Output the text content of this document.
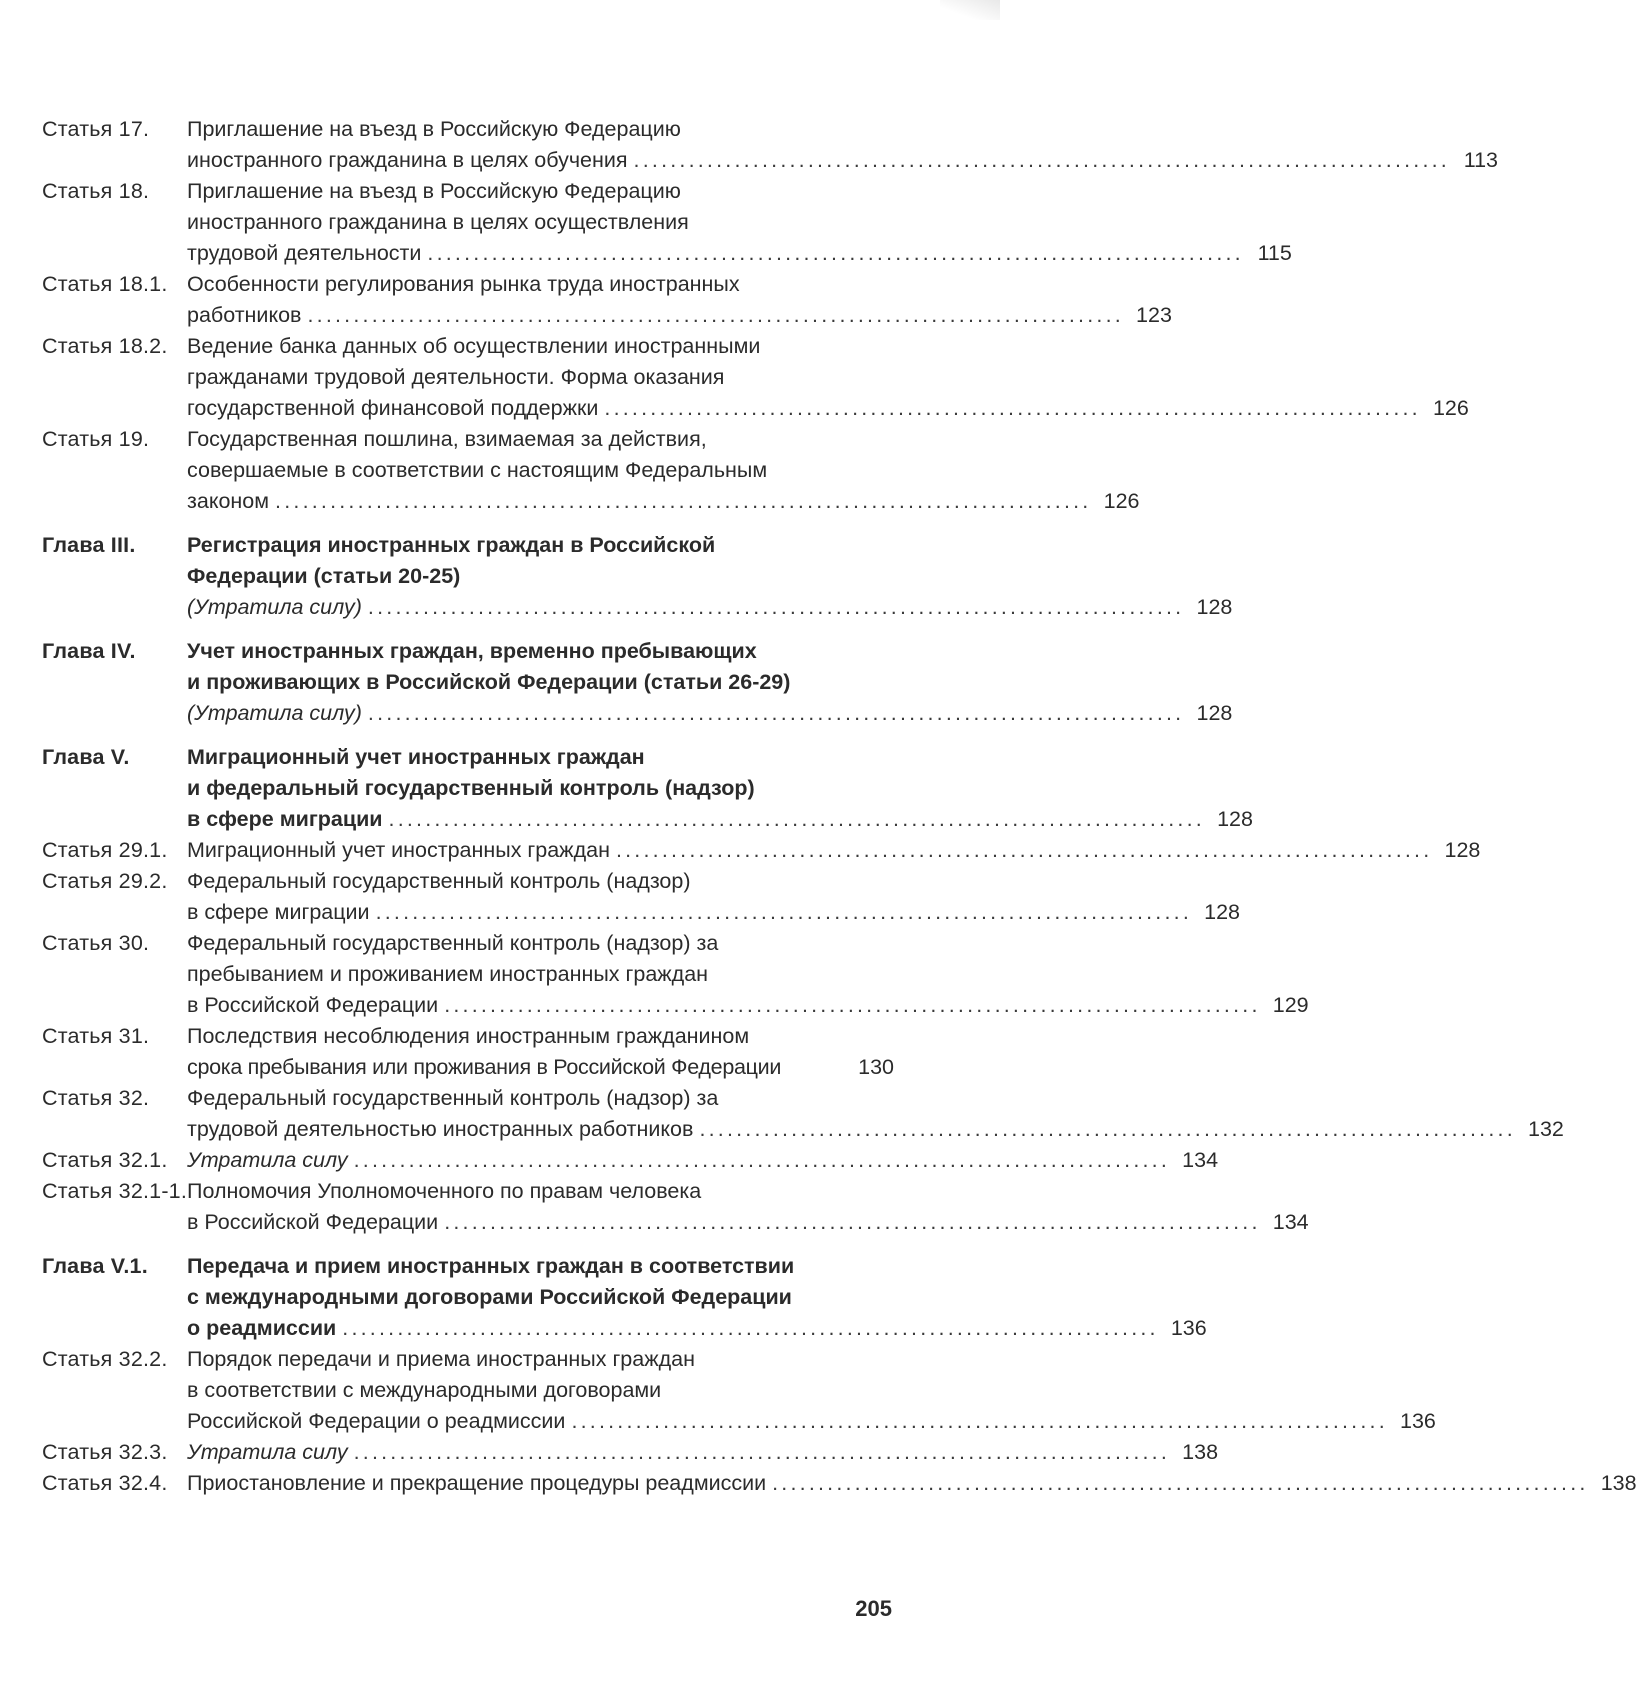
Статья 17.	Приглашение на въезд в Российскую Федерацию
иностранного гражданина в целях обучения ......................................................................................... 113
Статья 18.	Приглашение на въезд в Российскую Федерацию
иностранного гражданина в целях осуществления
трудовой деятельности ......................................................................................... 115
Статья 18.1. Особенности регулирования рынка труда иностранных
работников ......................................................................................... 123
Статья 18.2. Ведение банка данных об осуществлении иностранными
гражданами трудовой деятельности. Форма оказания
государственной финансовой поддержки ......................................................................................... 126
Статья 19.	Государственная пошлина, взимаемая за действия,
совершаемые в соответствии с настоящим Федеральным
законом ......................................................................................... 126
Глава III.	Регистрация иностранных граждан в Российской
Федерации (статьи 20-25)
(Утратила силу) ......................................................................................... 128
Глава IV.	Учет иностранных граждан, временно пребывающих
и проживающих в Российской Федерации (статьи 26-29)
(Утратила силу) ......................................................................................... 128
Глава V.	Миграционный учет иностранных граждан
и федеральный государственный контроль (надзор)
в сфере миграции ......................................................................................... 128
Статья 29.1. Миграционный учет иностранных граждан ......................................................................................... 128
Статья 29.2. Федеральный государственный контроль (надзор)
в сфере миграции ......................................................................................... 128
Статья 30.	Федеральный государственный контроль (надзор) за
пребыванием и проживанием иностранных граждан
в Российской Федерации ......................................................................................... 129
Статья 31.	Последствия несоблюдения иностранным гражданином
срока пребывания или проживания в Российской Федерации	130
Статья 32.	Федеральный государственный контроль (надзор) за
трудовой деятельностью иностранных работников ......................................................................................... 132
Статья 32.1. Утратила силу ......................................................................................... 134
Статья 32.1-1. Полномочия Уполномоченного по правам человека
в Российской Федерации ......................................................................................... 134
Глава V.1.	Передача и прием иностранных граждан в соответствии
с международными договорами Российской Федерации
о реадмиссии ......................................................................................... 136
Статья 32.2. Порядок передачи и приема иностранных граждан
в соответствии с международными договорами
Российской Федерации о реадмиссии ......................................................................................... 136
Статья 32.3. Утратила силу ......................................................................................... 138
Статья 32.4. Приостановление и прекращение процедуры реадмиссии ......................................................................................... 138
205
